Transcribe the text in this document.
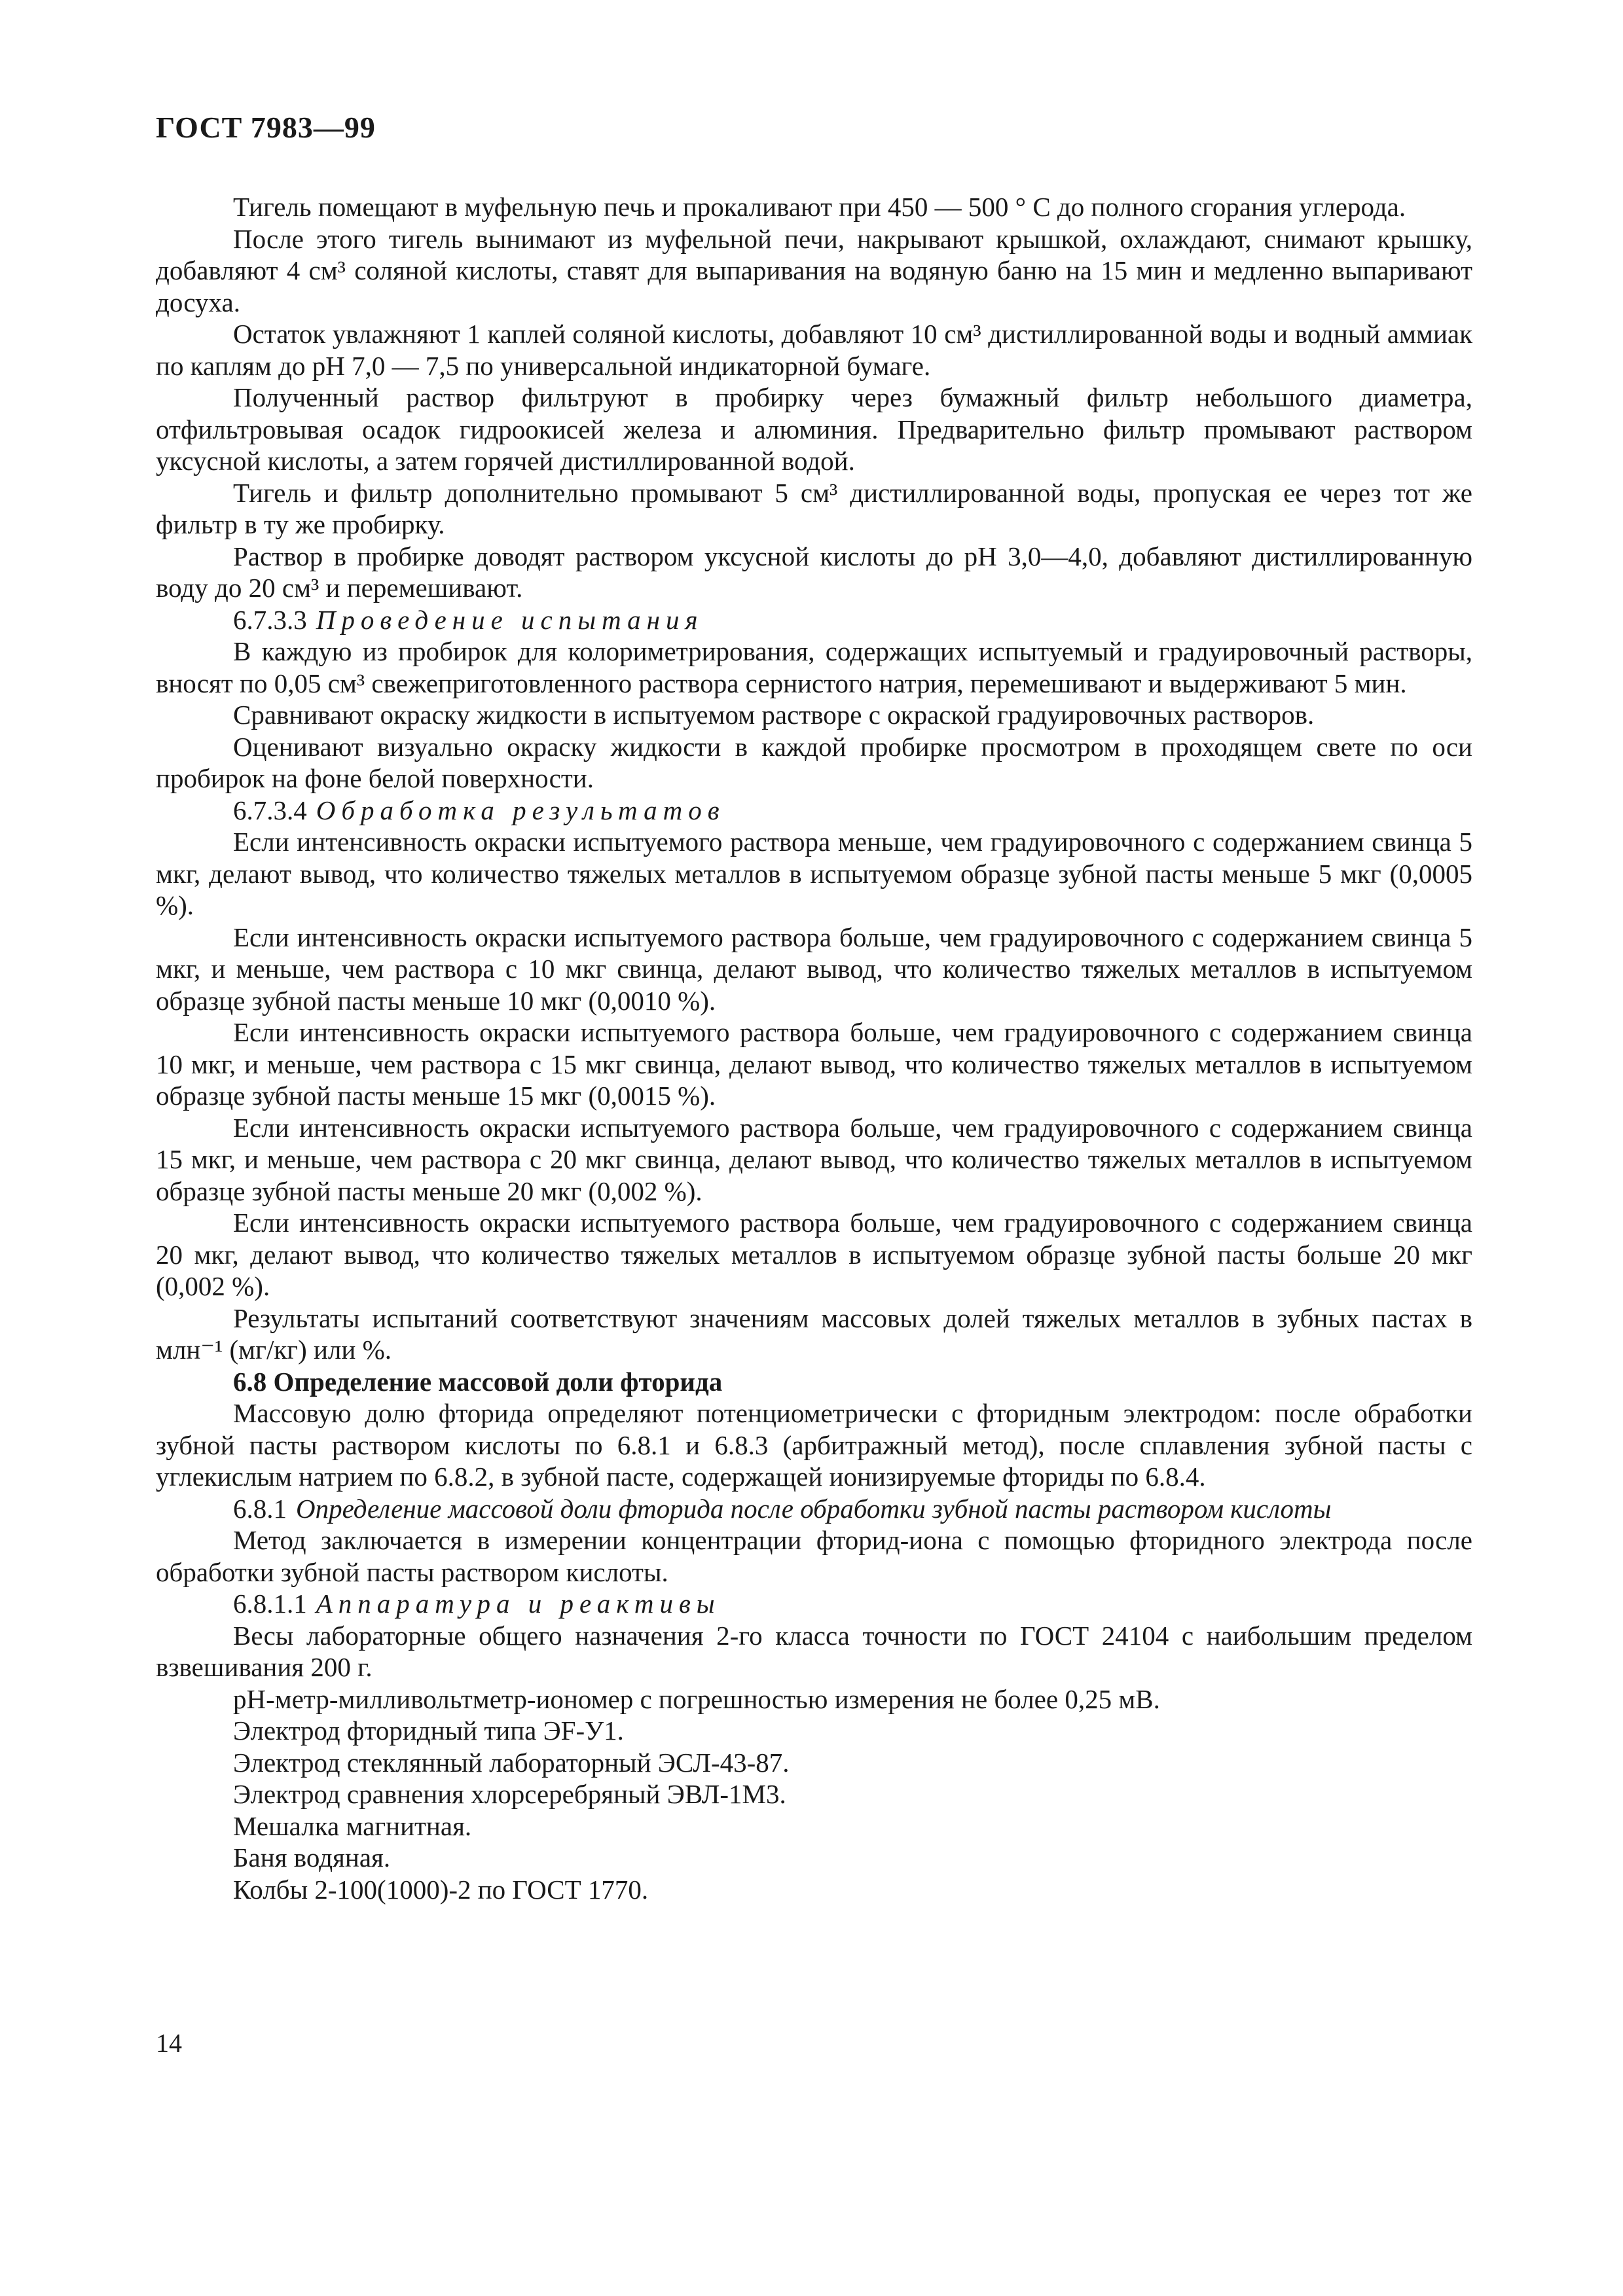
ГОСТ 7983—99

Тигель помещают в муфельную печь и прокаливают при 450 — 500 ° С до полного сгорания углерода.

После этого тигель вынимают из муфельной печи, накрывают крышкой, охлаждают, снимают крышку, добавляют 4 см³ соляной кислоты, ставят для выпаривания на водяную баню на 15 мин и медленно выпаривают досуха.

Остаток увлажняют 1 каплей соляной кислоты, добавляют 10 см³ дистиллированной воды и водный аммиак по каплям до рН 7,0 — 7,5 по универсальной индикаторной бумаге.

Полученный раствор фильтруют в пробирку через бумажный фильтр небольшого диаметра, отфильтровывая осадок гидроокисей железа и алюминия. Предварительно фильтр промывают раствором уксусной кислоты, а затем горячей дистиллированной водой.

Тигель и фильтр дополнительно промывают 5 см³ дистиллированной воды, пропуская ее через тот же фильтр в ту же пробирку.

Раствор в пробирке доводят раствором уксусной кислоты до рН 3,0—4,0, добавляют дистиллированную воду до 20 см³ и перемешивают.

6.7.3.3 Проведение испытания

В каждую из пробирок для колориметрирования, содержащих испытуемый и градуировочный растворы, вносят по 0,05 см³ свежеприготовленного раствора сернистого натрия, перемешивают и выдерживают 5 мин.

Сравнивают окраску жидкости в испытуемом растворе с окраской градуировочных растворов.

Оценивают визуально окраску жидкости в каждой пробирке просмотром в проходящем свете по оси пробирок на фоне белой поверхности.

6.7.3.4 Обработка результатов

Если интенсивность окраски испытуемого раствора меньше, чем градуировочного с содержанием свинца 5 мкг, делают вывод, что количество тяжелых металлов в испытуемом образце зубной пасты меньше 5 мкг (0,0005 %).

Если интенсивность окраски испытуемого раствора больше, чем градуировочного с содержанием свинца 5 мкг, и меньше, чем раствора с 10 мкг свинца, делают вывод, что количество тяжелых металлов в испытуемом образце зубной пасты меньше 10 мкг (0,0010 %).

Если интенсивность окраски испытуемого раствора больше, чем градуировочного с содержанием свинца 10 мкг, и меньше, чем раствора с 15 мкг свинца, делают вывод, что количество тяжелых металлов в испытуемом образце зубной пасты меньше 15 мкг (0,0015 %).

Если интенсивность окраски испытуемого раствора больше, чем градуировочного с содержанием свинца 15 мкг, и меньше, чем раствора с 20 мкг свинца, делают вывод, что количество тяжелых металлов в испытуемом образце зубной пасты меньше 20 мкг (0,002 %).

Если интенсивность окраски испытуемого раствора больше, чем градуировочного с содержанием свинца 20 мкг, делают вывод, что количество тяжелых металлов в испытуемом образце зубной пасты больше 20 мкг (0,002 %).

Результаты испытаний соответствуют значениям массовых долей тяжелых металлов в зубных пастах в млн⁻¹ (мг/кг) или %.

6.8 Определение массовой доли фторида

Массовую долю фторида определяют потенциометрически с фторидным электродом: после обработки зубной пасты раствором кислоты по 6.8.1 и 6.8.3 (арбитражный метод), после сплавления зубной пасты с углекислым натрием по 6.8.2, в зубной пасте, содержащей ионизируемые фториды по 6.8.4.

6.8.1 Определение массовой доли фторида после обработки зубной пасты раствором кислоты

Метод заключается в измерении концентрации фторид-иона с помощью фторидного электрода после обработки зубной пасты раствором кислоты.

6.8.1.1 Аппаратура и реактивы

Весы лабораторные общего назначения 2-го класса точности по ГОСТ 24104 с наибольшим пределом взвешивания 200 г.

рН-метр-милливольтметр-иономер с погрешностью измерения не более 0,25 мВ.

Электрод фторидный типа ЭF-У1.

Электрод стеклянный лабораторный ЭСЛ-43-87.

Электрод сравнения хлорсеребряный ЭВЛ-1М3.

Мешалка магнитная.

Баня водяная.

Колбы 2-100(1000)-2 по ГОСТ 1770.

14
